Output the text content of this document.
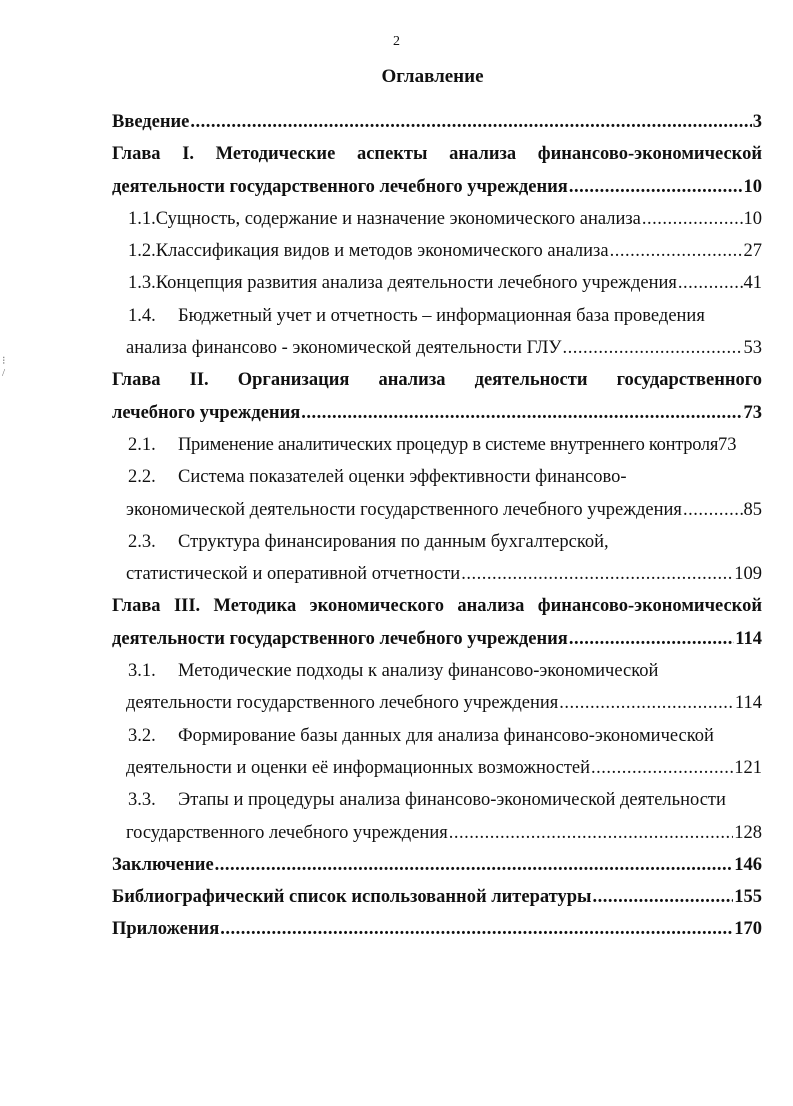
2
Оглавление
⁝
/
Введение .....	3
Глава I. Методические аспекты анализа финансово-экономической
деятельности государственного лечебного учреждения .....	10
1.1. Сущность, содержание и назначение экономического анализа .....	10
1.2. Классификация видов и методов экономического анализа .....	27
1.3. Концепция развития анализа деятельности лечебного учреждения .....	41
1.4.	Бюджетный учет и отчетность – информационная база проведения
анализа финансово - экономической деятельности ГЛУ .....	53
Глава II. Организация анализа деятельности государственного
лечебного учреждения .....	73
2.1.	Применение аналитических процедур в системе внутреннего контроля 73
2.2.	Система показателей оценки эффективности финансово-
экономической деятельности государственного лечебного учреждения .....	85
2.3.	Структура финансирования по данным бухгалтерской,
статистической и оперативной отчетности .....	109
Глава III. Методика экономического анализа финансово-экономической
деятельности государственного лечебного учреждения .....	114
3.1.	Методические подходы к анализу финансово-экономической
деятельности государственного лечебного учреждения .....	114
3.2.	Формирование базы данных для анализа финансово-экономической
деятельности и оценки её информационных возможностей .....	121
3.3.	Этапы и процедуры анализа финансово-экономической деятельности
государственного лечебного учреждения .....	128
Заключение .....	146
Библиографический список использованной литературы .....	155
Приложения .....	170
